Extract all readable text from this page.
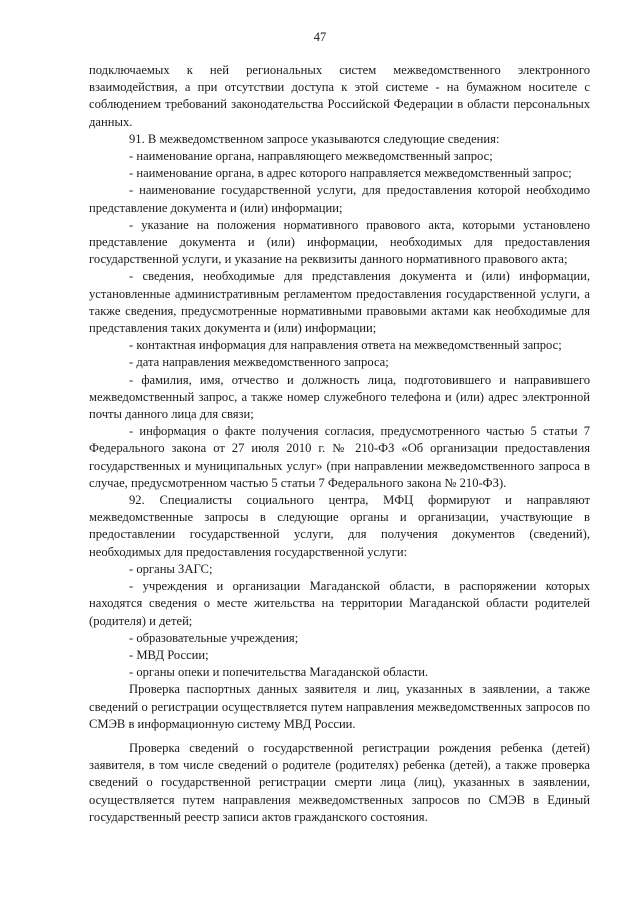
47

подключаемых к ней региональных систем межведомственного электронного взаимодействия, а при отсутствии доступа к этой системе - на бумажном носителе с соблюдением требований законодательства Российской Федерации в области персональных данных.

91. В межведомственном запросе указываются следующие сведения:

- наименование органа, направляющего межведомственный запрос;

- наименование органа, в адрес которого направляется межведомственный запрос;

- наименование государственной услуги, для предоставления которой необходимо представление документа и (или) информации;

- указание на положения нормативного правового акта, которыми установлено представление документа и (или) информации, необходимых для предоставления государственной услуги, и указание на реквизиты данного нормативного правового акта;

- сведения, необходимые для представления документа и (или) информации, установленные административным регламентом предоставления государственной услуги, а также сведения, предусмотренные нормативными правовыми актами как необходимые для представления таких документа и (или) информации;

- контактная информация для направления ответа на межведомственный запрос;

- дата направления межведомственного запроса;

- фамилия, имя, отчество и должность лица, подготовившего и направившего межведомственный запрос, а также номер служебного телефона и (или) адрес электронной почты данного лица для связи;

- информация о факте получения согласия, предусмотренного частью 5 статьи 7 Федерального закона от 27 июля 2010 г. № 210-ФЗ «Об организации предоставления государственных и муниципальных услуг» (при направлении межведомственного запроса в случае, предусмотренном частью 5 статьи 7 Федерального закона № 210-ФЗ).

92. Специалисты социального центра, МФЦ формируют и направляют межведомственные запросы в следующие органы и организации, участвующие в предоставлении государственной услуги, для получения документов (сведений), необходимых для предоставления государственной услуги:

- органы ЗАГС;

- учреждения и организации Магаданской области, в распоряжении которых находятся сведения о месте жительства на территории Магаданской области родителей (родителя) и детей;

- образовательные учреждения;

- МВД России;

- органы опеки и попечительства Магаданской области.

Проверка паспортных данных заявителя и лиц, указанных в заявлении, а также сведений о регистрации осуществляется путем направления межведомственных запросов по СМЭВ в информационную систему МВД России.

Проверка сведений о государственной регистрации рождения ребенка (детей) заявителя, в том числе сведений о родителе (родителях) ребенка (детей), а также проверка сведений о государственной регистрации смерти лица (лиц), указанных в заявлении, осуществляется путем направления межведомственных запросов по СМЭВ в Единый государственный реестр записи актов гражданского состояния.
